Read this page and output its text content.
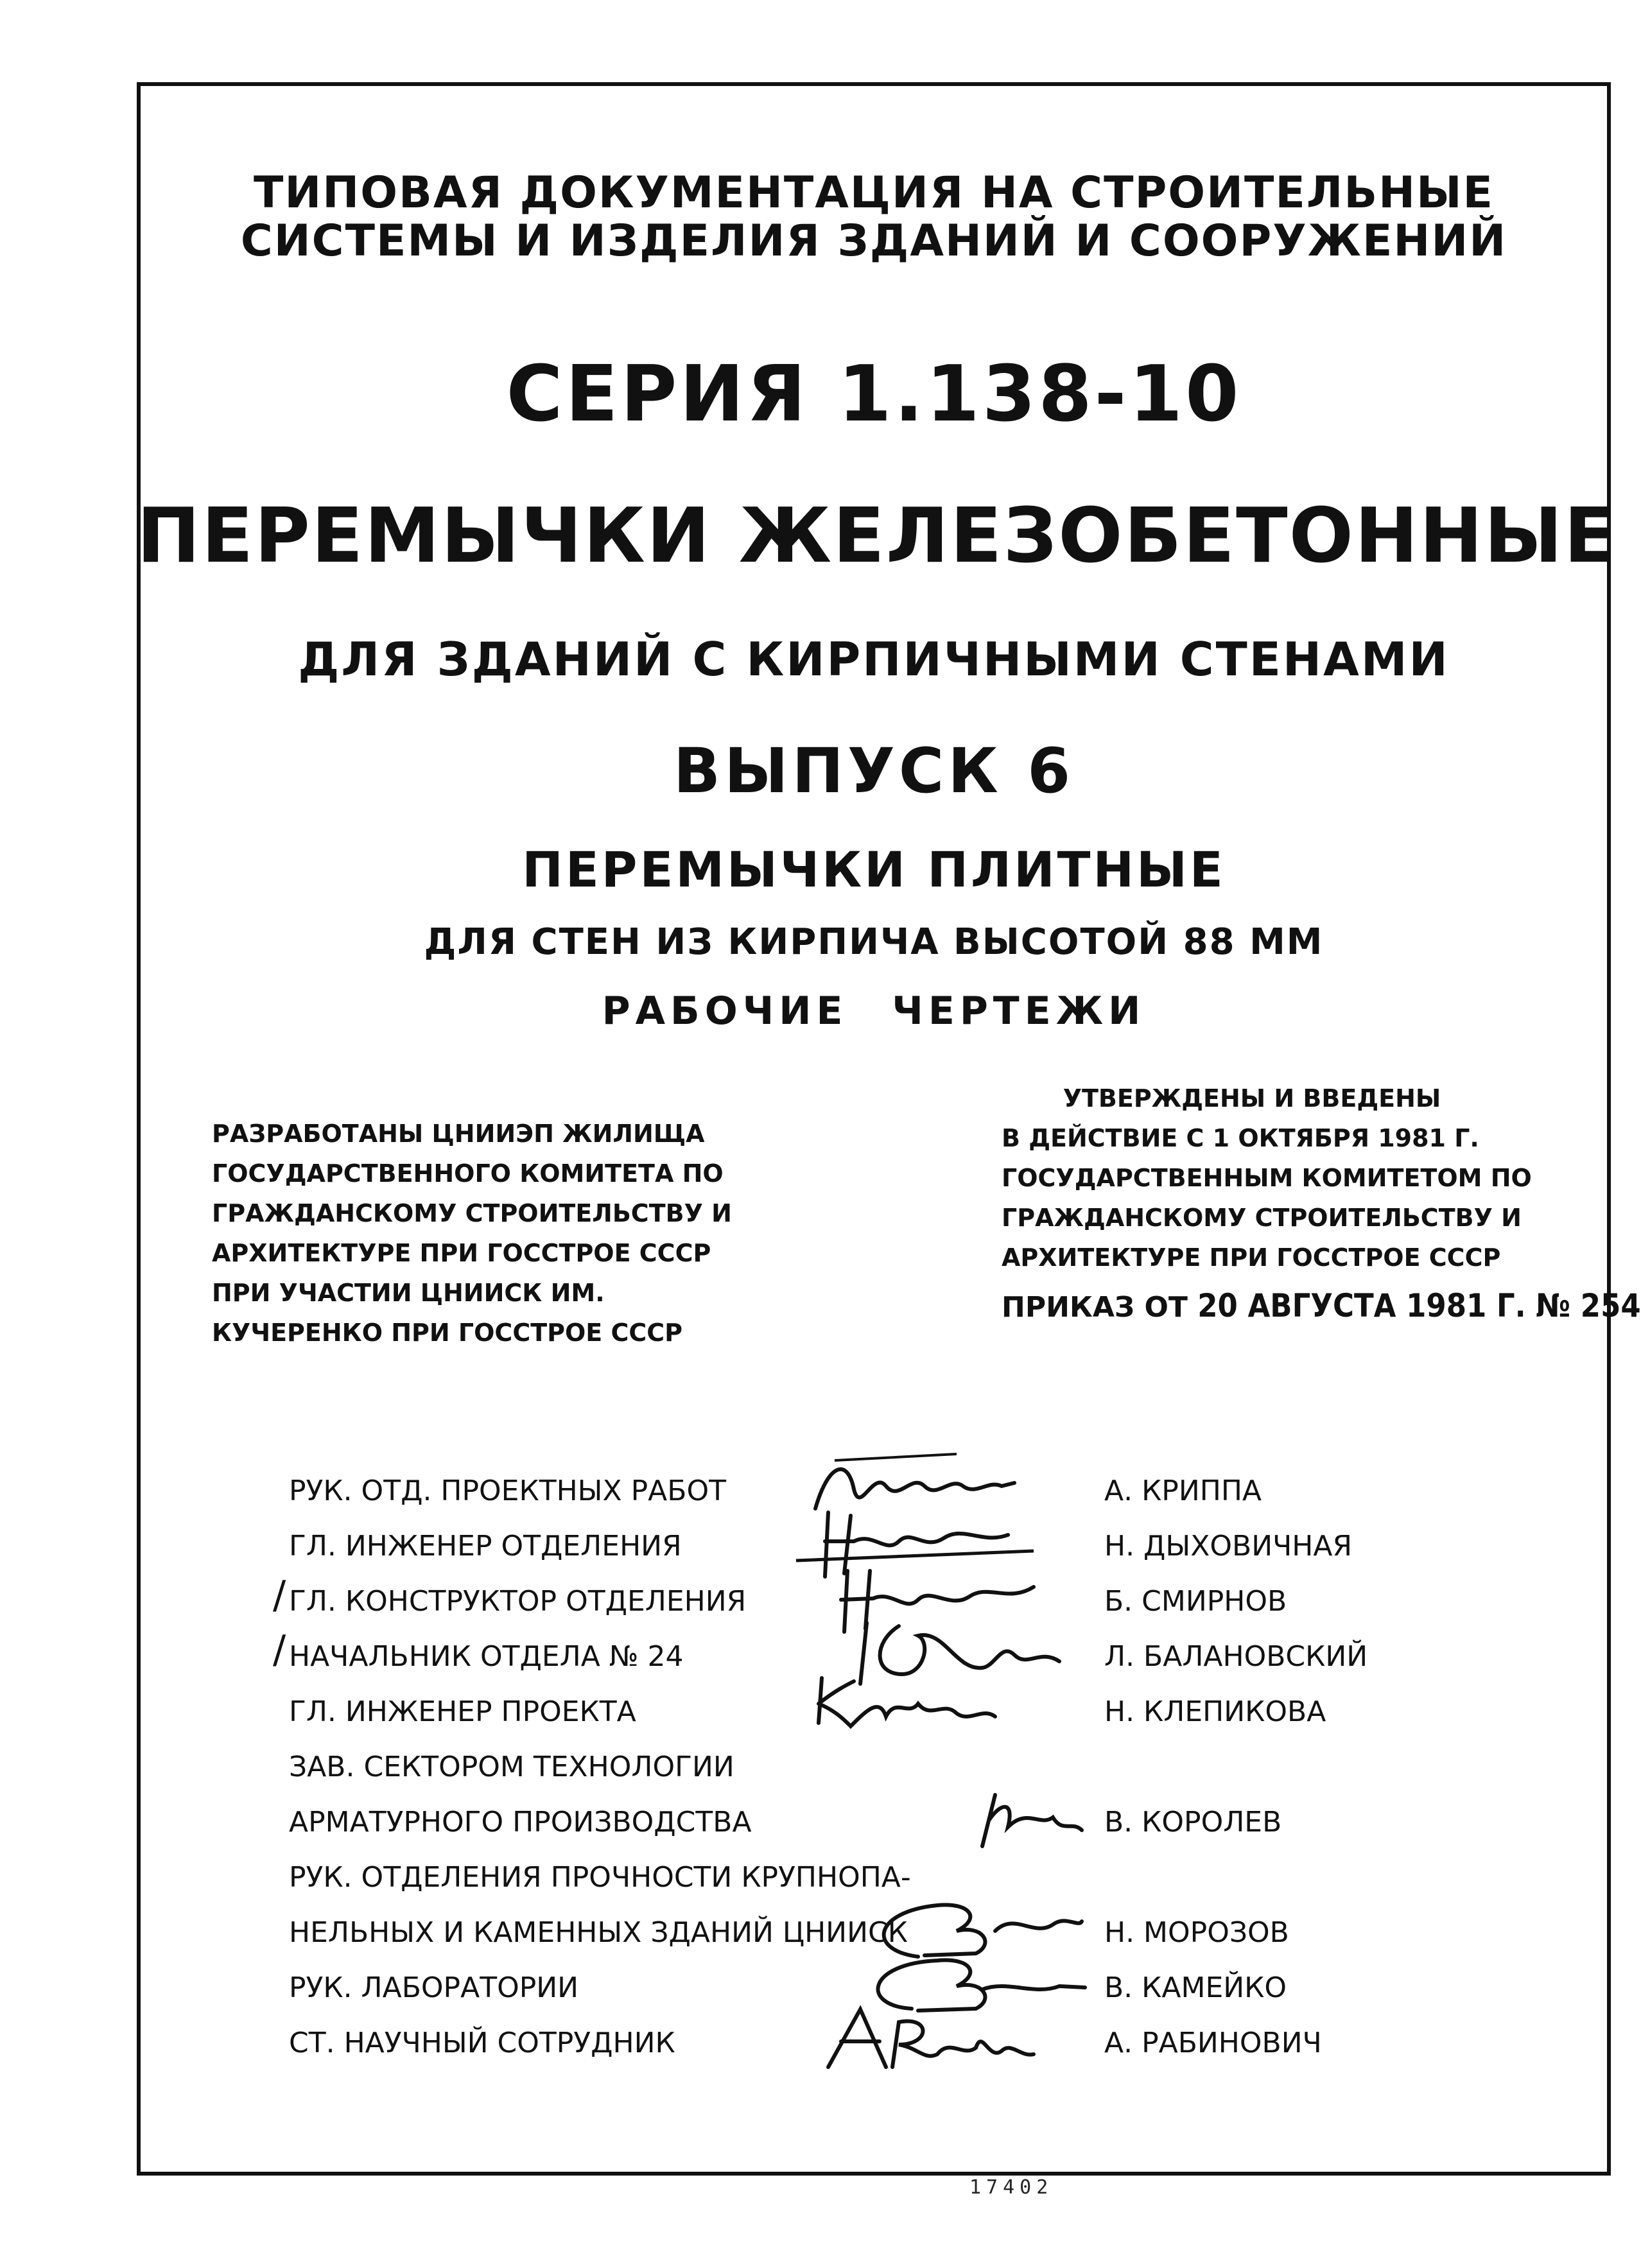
ТИПОВАЯ ДОКУМЕНТАЦИЯ НА СТРОИТЕЛЬНЫЕ
СИСТЕМЫ И ИЗДЕЛИЯ ЗДАНИЙ И СООРУЖЕНИЙ
СЕРИЯ 1.138-10
ПЕРЕМЫЧКИ ЖЕЛЕЗОБЕТОННЫЕ
ДЛЯ ЗДАНИЙ С КИРПИЧНЫМИ СТЕНАМИ
ВЫПУСК 6
ПЕРЕМЫЧКИ ПЛИТНЫЕ
ДЛЯ СТЕН ИЗ КИРПИЧА ВЫСОТОЙ 88 ММ
РАБОЧИЕ ЧЕРТЕЖИ
РАЗРАБОТАНЫ ЦНИИЭП ЖИЛИЩА
ГОСУДАРСТВЕННОГО КОМИТЕТА ПО
ГРАЖДАНСКОМУ СТРОИТЕЛЬСТВУ И
АРХИТЕКТУРЕ ПРИ ГОССТРОЕ СССР
ПРИ УЧАСТИИ ЦНИИСК ИМ.
КУЧЕРЕНКО ПРИ ГОССТРОЕ СССР
УТВЕРЖДЕНЫ И ВВЕДЕНЫ
В ДЕЙСТВИЕ С 1 ОКТЯБРЯ 1981 Г.
ГОСУДАРСТВЕННЫМ КОМИТЕТОМ ПО
ГРАЖДАНСКОМУ СТРОИТЕЛЬСТВУ И
АРХИТЕКТУРЕ ПРИ ГОССТРОЕ СССР
ПРИКАЗ ОТ 20 АВГУСТА 1981 Г. № 254
/
/
РУК. ОТД. ПРОЕКТНЫХ РАБОТ	А. КРИППА
ГЛ. ИНЖЕНЕР ОТДЕЛЕНИЯ	Н. ДЫХОВИЧНАЯ
ГЛ. КОНСТРУКТОР ОТДЕЛЕНИЯ	Б. СМИРНОВ
НАЧАЛЬНИК ОТДЕЛА № 24	Л. БАЛАНОВСКИЙ
ГЛ. ИНЖЕНЕР ПРОЕКТА	Н. КЛЕПИКОВА
ЗАВ. СЕКТОРОМ ТЕХНОЛОГИИ
АРМАТУРНОГО ПРОИЗВОДСТВА	В. КОРОЛЕВ
РУК. ОТДЕЛЕНИЯ ПРОЧНОСТИ КРУПНОПА-
НЕЛЬНЫХ И КАМЕННЫХ ЗДАНИЙ ЦНИИСК	Н. МОРОЗОВ
РУК. ЛАБОРАТОРИИ	В. КАМЕЙКО
СТ. НАУЧНЫЙ СОТРУДНИК	А. РАБИНОВИЧ
17402
